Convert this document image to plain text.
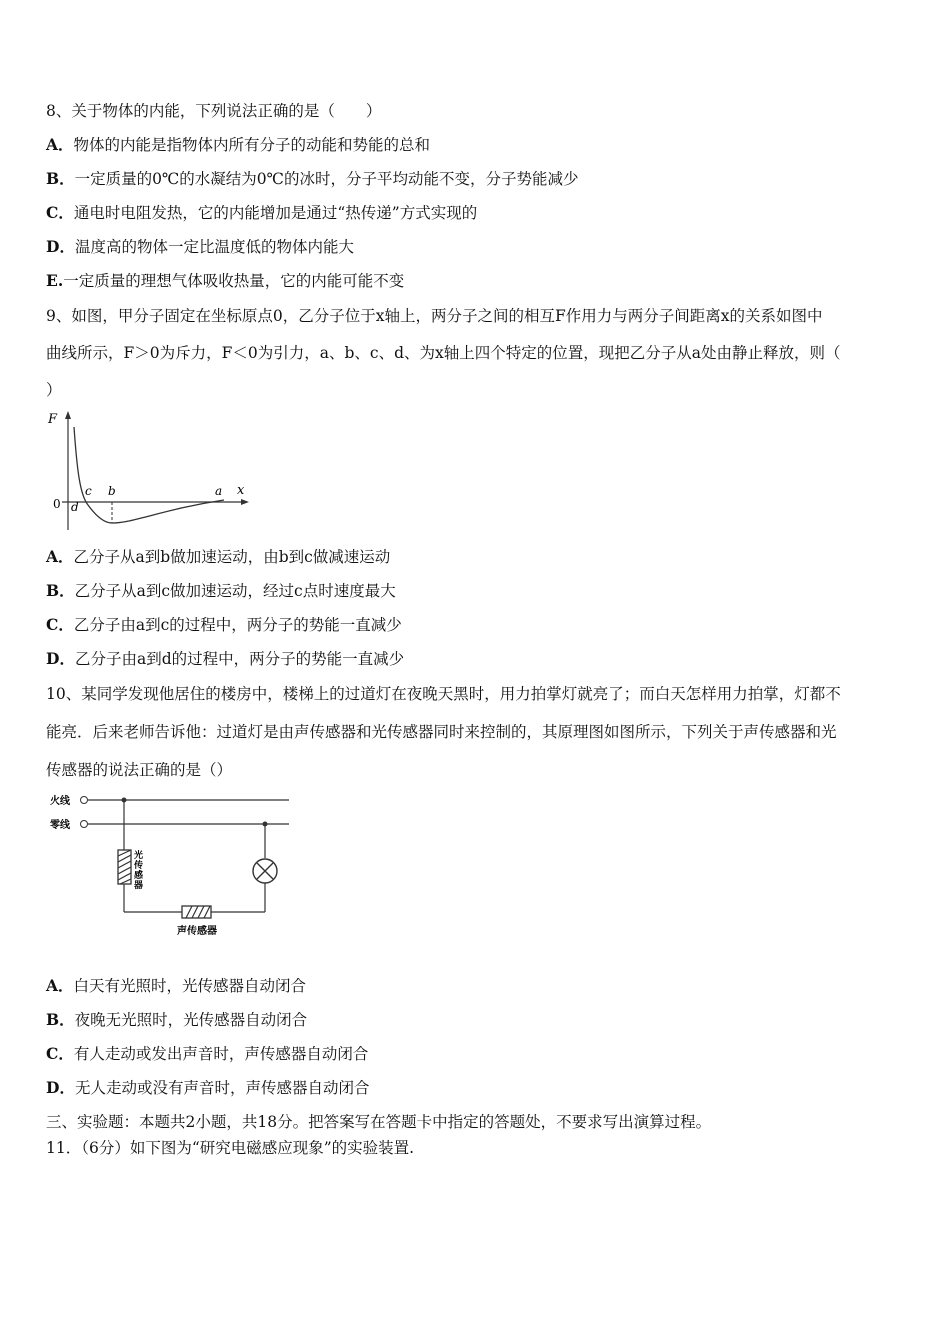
8、关于物体的内能，下列说法正确的是（　　）
A．物体的内能是指物体内所有分子的动能和势能的总和
B．一定质量的0℃的水凝结为0℃的冰时，分子平均动能不变，分子势能减少
C．通电时电阻发热，它的内能增加是通过“热传递”方式实现的
D．温度高的物体一定比温度低的物体内能大
E.一定质量的理想气体吸收热量，它的内能可能不变
9、如图，甲分子固定在坐标原点0，乙分子位于x轴上，两分子之间的相互F作用力与两分子间距离x的关系如图中
曲线所示，F＞0为斥力，F＜0为引力，a、b、c、d、为x轴上四个特定的位置，现把乙分子从a处由静止释放，则（
）
F
x
0
c b	a
d
A．乙分子从a到b做加速运动，由b到c做减速运动
B．乙分子从a到c做加速运动，经过c点时速度最大
C．乙分子由a到c的过程中，两分子的势能一直减少
D．乙分子由a到d的过程中，两分子的势能一直减少
10、某同学发现他居住的楼房中，楼梯上的过道灯在夜晚天黑时，用力拍掌灯就亮了；而白天怎样用力拍掌，灯都不
能亮．后来老师告诉他：过道灯是由声传感器和光传感器同时来控制的，其原理图如图所示，下列关于声传感器和光
传感器的说法正确的是（）
火线
零线
光
传
感
器
声传感器
A．白天有光照时，光传感器自动闭合
B．夜晚无光照时，光传感器自动闭合
C．有人走动或发出声音时，声传感器自动闭合
D．无人走动或没有声音时，声传感器自动闭合
三、实验题：本题共2小题，共18分。把答案写在答题卡中指定的答题处，不要求写出演算过程。
11．（6分）如下图为“研究电磁感应现象”的实验装置.
